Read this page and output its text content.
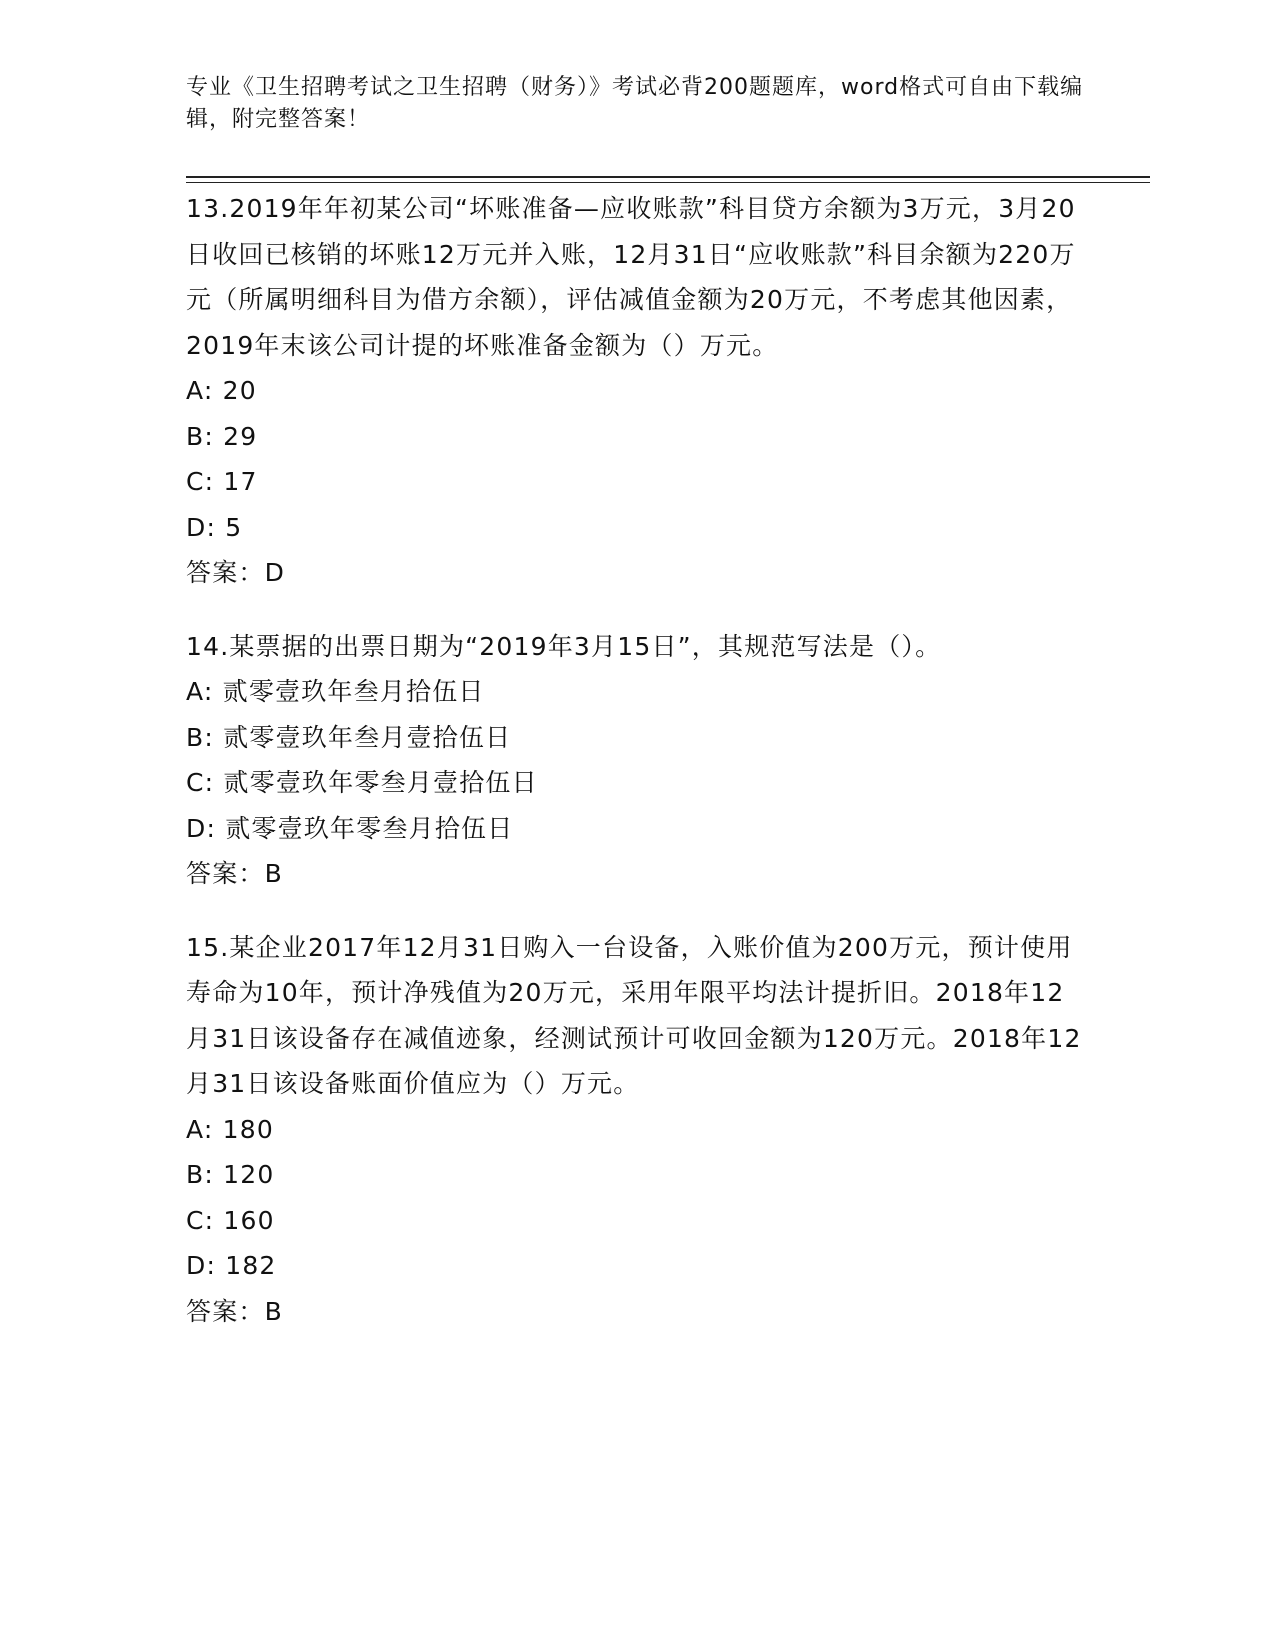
专业《卫生招聘考试之卫生招聘（财务）》考试必背200题题库，word格式可自由下载编辑，附完整答案！

13.2019年年初某公司“坏账准备—应收账款”科目贷方余额为3万元，3月20日收回已核销的坏账12万元并入账，12月31日“应收账款”科目余额为220万元（所属明细科目为借方余额），评估减值金额为20万元，不考虑其他因素，2019年末该公司计提的坏账准备金额为（）万元。

A: 20

B: 29

C: 17

D: 5

答案：D

14.某票据的出票日期为“2019年3月15日”，其规范写法是（）。

A: 贰零壹玖年叁月拾伍日

B: 贰零壹玖年叁月壹拾伍日

C: 贰零壹玖年零叁月壹拾伍日

D: 贰零壹玖年零叁月拾伍日

答案：B

15.某企业2017年12月31日购入一台设备，入账价值为200万元，预计使用寿命为10年，预计净残值为20万元，采用年限平均法计提折旧。2018年12月31日该设备存在减值迹象，经测试预计可收回金额为120万元。2018年12月31日该设备账面价值应为（）万元。

A: 180

B: 120

C: 160

D: 182

答案：B
